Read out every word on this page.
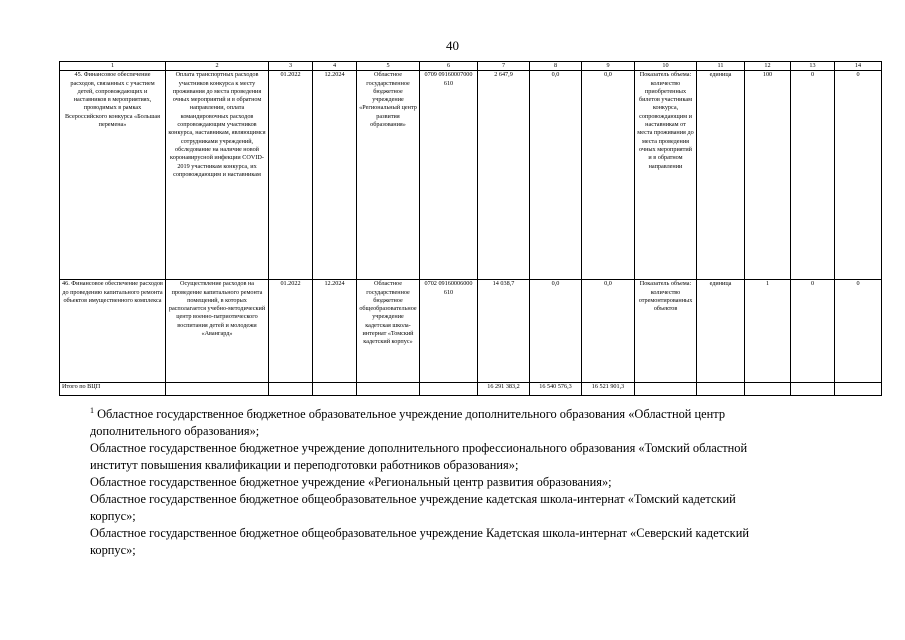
40
1	2	3	4	5	6	7	8	9	10	11	12	13	14
45. Финансовое обеспечение расходов, связанных с участием детей, сопровождающих и наставников в мероприятиях, проводимых в рамках Всероссийского конкурса «Большая перемена»	Оплата транспортных расходов участников конкурса к месту проживания до места проведения очных мероприятий и в обратном направлении, оплата командировочных расходов сопровождающим участников конкурса, наставникам, являющимся сотрудниками учреждений, обследование на наличие новой коронавирусной инфекции COVID-2019 участникам конкурса, их сопровождающим и наставникам	01.2022	12.2024	Областное государственное бюджетное учреждение «Региональный центр развития образования»	0709 09160007000 610	2 647,9	0,0	0,0	Показатель объема: количество приобретенных билетов участникам конкурса, сопровождающим и наставникам от места проживания до места проведения очных мероприятий и в обратном направлении	единица	100	0	0
46. Финансовое обеспечение расходов до проведению капитального ремонта объектов имущественного комплекса	Осуществление расходов на проведение капитального ремонта помещений, в которых располагается учебно-методический центр военно-патриотического воспитания детей и молодежи «Авангард»	01.2022	12.2024	Областное государственное бюджетное общеобразовательное учреждение кадетская школа-интернат «Томский кадетский корпус»	0702 09160006000 610	14 038,7	0,0	0,0	Показатель объема: количество отремонтированных объектов	единица	1	0	0
Итого по ВЦП						16 291 383,2	16 540 576,3	16 521 901,3					

$^1$ Областное государственное бюджетное образовательное учреждение дополнительного образования «Областной центр

дополнительного образования»;

Областное государственное бюджетное учреждение дополнительного профессионального образования «Томский областной

институт повышения квалификации и переподготовки работников образования»;

Областное государственное бюджетное учреждение «Региональный центр развития образования»;

Областное государственное бюджетное общеобразовательное учреждение кадетская школа-интернат «Томский кадетский

корпус»;

Областное государственное бюджетное общеобразовательное учреждение Кадетская школа-интернат «Северский кадетский

корпус»;
